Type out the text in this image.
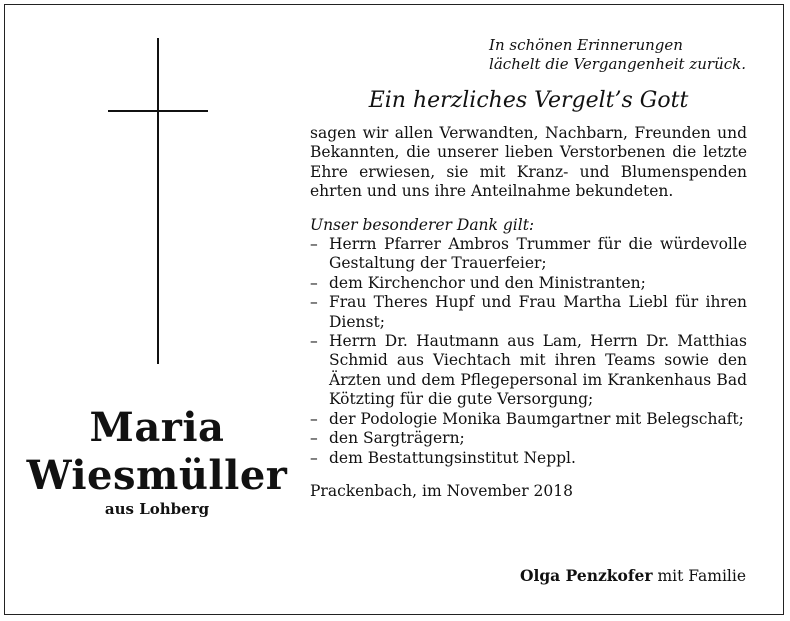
Maria
Wiesmüller
aus Lohberg
In schönen Erinnerungen
lächelt die Vergangenheit zurück.
Ein herzliches Vergelt’s Gott

sagen wir allen Verwandten, Nachbarn, Freunden und Bekannten, die unserer lieben Verstorbenen die letzte Ehre erwiesen, sie mit Kranz- und Blumenspenden ehrten und uns ihre Anteilnahme bekundeten.

Unser besonderer Dank gilt:
– Herrn Pfarrer Ambros Trummer für die würdevolle Gestaltung der Trauerfeier;
– dem Kirchenchor und den Ministranten;
– Frau Theres Hupf und Frau Martha Liebl für ihren Dienst;
– Herrn Dr. Hautmann aus Lam, Herrn Dr. Matthias Schmid aus Viechtach mit ihren Teams sowie den Ärzten und dem Pflegepersonal im Krankenhaus Bad Kötzting für die gute Versorgung;
– der Podologie Monika Baumgartner mit Belegschaft;
– den Sargträgern;
– dem Bestattungsinstitut Neppl.
Prackenbach, im November 2018
Olga Penzkofer mit Familie
